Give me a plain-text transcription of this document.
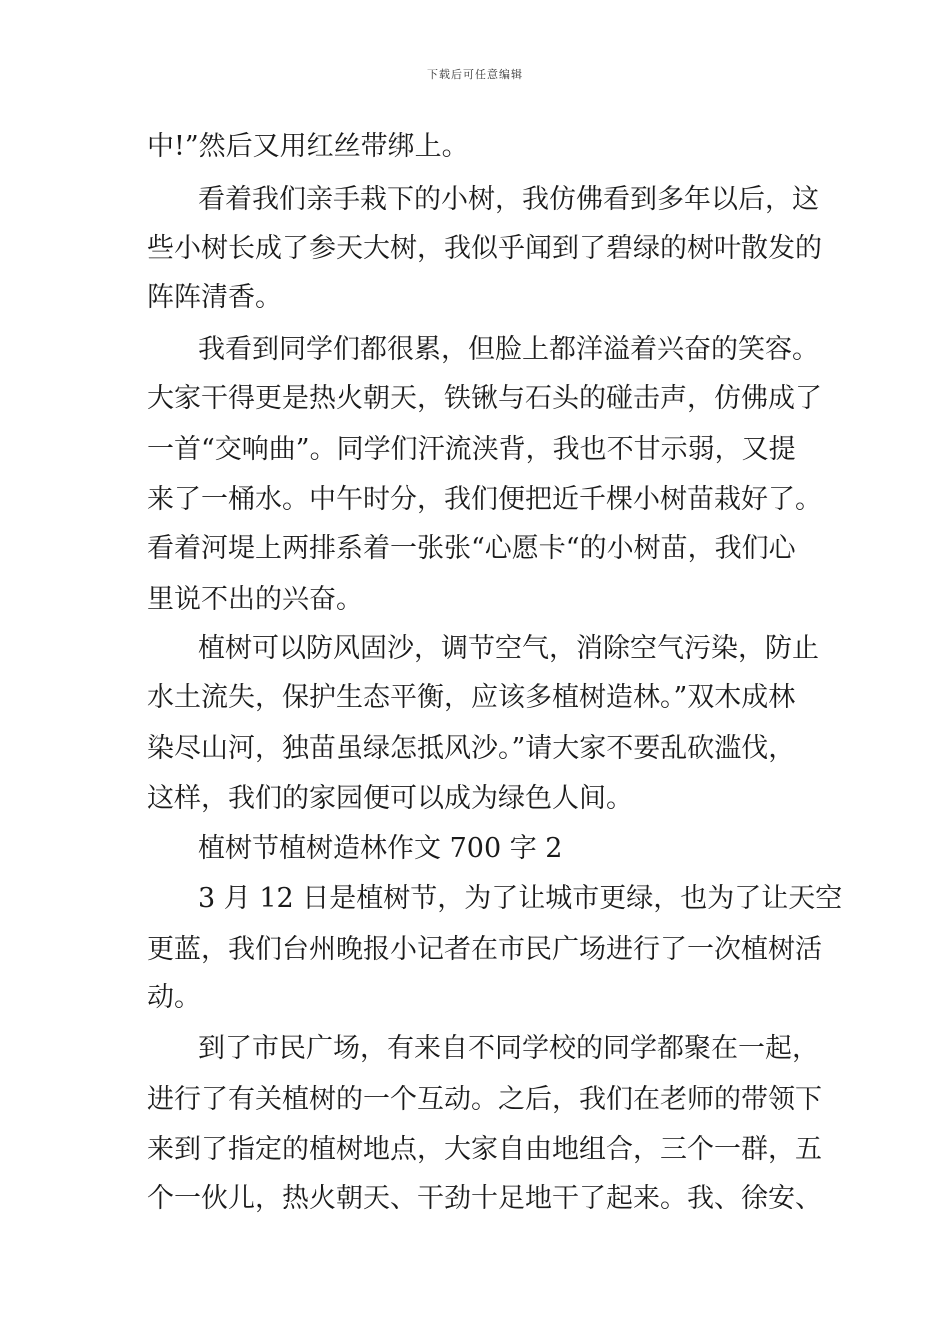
下载后可任意编辑
中!”然后又用红丝带绑上。
看着我们亲手栽下的小树，我仿佛看到多年以后，这
些小树长成了参天大树，我似乎闻到了碧绿的树叶散发的
阵阵清香。
我看到同学们都很累，但脸上都洋溢着兴奋的笑容。
大家干得更是热火朝天，铁锹与石头的碰击声，仿佛成了
一首“交响曲”。同学们汗流浃背，我也不甘示弱，又提
来了一桶水。中午时分，我们便把近千棵小树苗栽好了。
看着河堤上两排系着一张张“心愿卡“的小树苗，我们心
里说不出的兴奋。
植树可以防风固沙，调节空气，消除空气污染，防止
水土流失，保护生态平衡，应该多植树造林。”双木成林
染尽山河，独苗虽绿怎抵风沙。”请大家不要乱砍滥伐，
这样，我们的家园便可以成为绿色人间。
植树节植树造林作文 700 字 2
3 月 12 日是植树节，为了让城市更绿，也为了让天空
更蓝，我们台州晚报小记者在市民广场进行了一次植树活
动。
到了市民广场，有来自不同学校的同学都聚在一起，
进行了有关植树的一个互动。之后，我们在老师的带领下
来到了指定的植树地点，大家自由地组合，三个一群，五
个一伙儿，热火朝天、干劲十足地干了起来。我、徐安、
